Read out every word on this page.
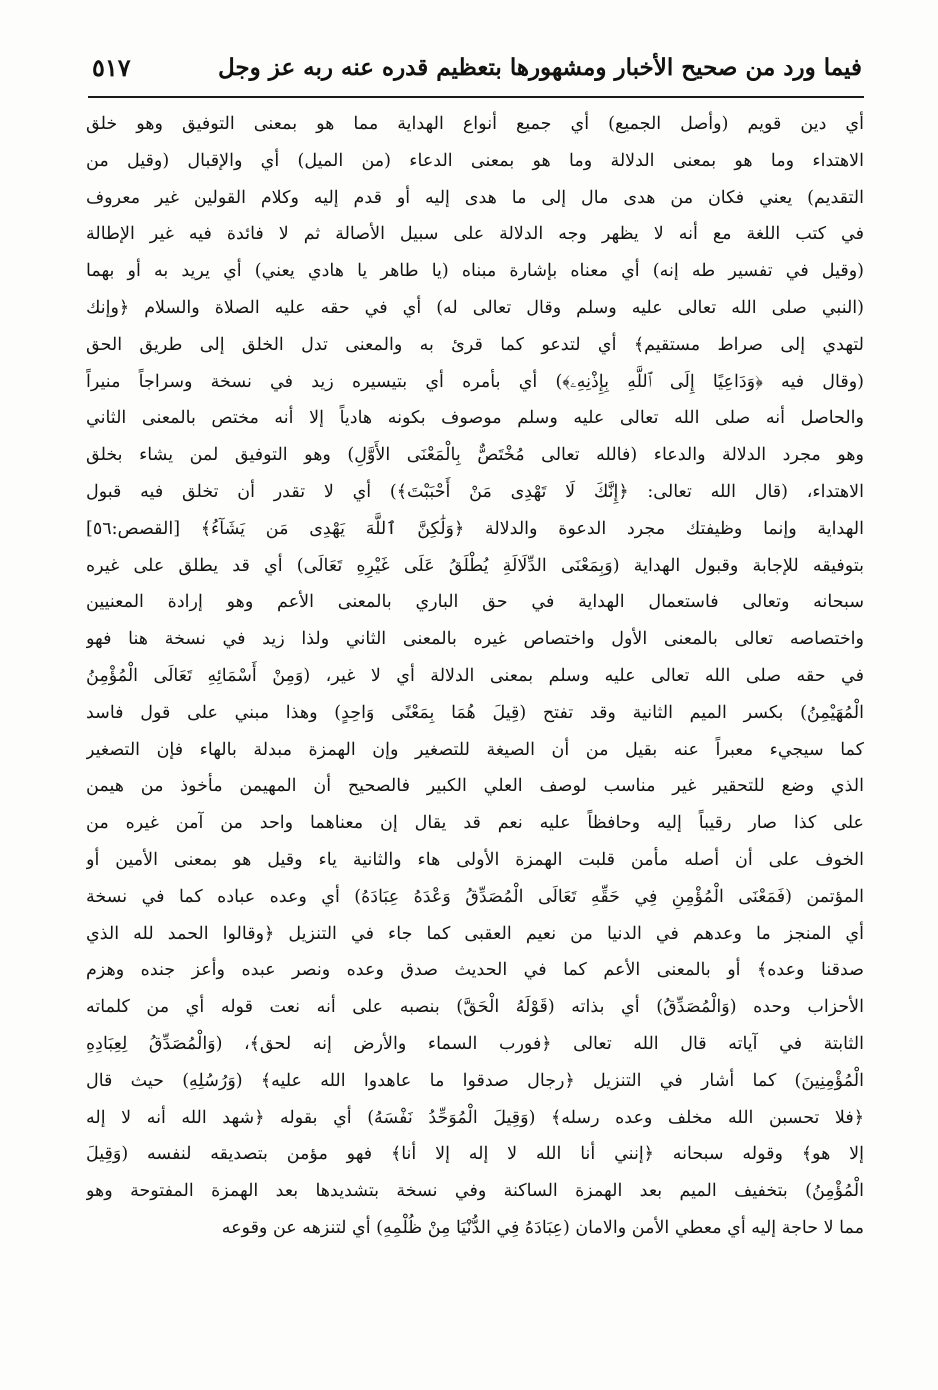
فيما ورد من صحيح الأخبار ومشهورها بتعظيم قدره عنه ربه عز وجل
٥١٧
أي دين قويم (وأصل الجميع) أي جميع أنواع الهداية مما هو بمعنى التوفيق وهو خلق
الاهتداء وما هو بمعنى الدلالة وما هو بمعنى الدعاء (من الميل) أي والإقبال (وقيل من
التقديم) يعني فكان من هدى مال إلى ما هدى إليه أو قدم إليه وكلام القولين غير معروف
في كتب اللغة مع أنه لا يظهر وجه الدلالة على سبيل الأصالة ثم لا فائدة فيه غير الإطالة
(وقيل في تفسير طه إنه) أي معناه بإشارة مبناه (يا طاهر يا هادي يعني) أي يريد به أو بهما
(النبي صلى الله تعالى عليه وسلم وقال تعالى له) أي في حقه عليه الصلاة والسلام ﴿وإنك
لتهدي إلى صراط مستقيم﴾ أي لتدعو كما قرئ به والمعنى تدل الخلق إلى طريق الحق
(وقال فيه ﴿وَدَاعِيًا إِلَى ٱللَّهِ بِإِذْنِهِۦ﴾) أي بأمره أي بتيسيره زيد في نسخة وسراجاً منيراً
والحاصل أنه صلى الله تعالى عليه وسلم موصوف بكونه هادياً إلا أنه مختص بالمعنى الثاني
وهو مجرد الدلالة والدعاء (فالله تعالى مُخْتَصٌّ بِالْمَعْنَى الأَوَّلِ) وهو التوفيق لمن يشاء بخلق
الاهتداء، (قال الله تعالى: ﴿إِنَّكَ لَا تَهْدِى مَنْ أَحْبَبْتَ﴾) أي لا تقدر أن تخلق فيه قبول
الهداية وإنما وظيفتك مجرد الدعوة والدلالة ﴿وَلَٰكِنَّ ٱللَّهَ يَهْدِى مَن يَشَآءُ﴾ [القصص:٥٦]
بتوفيقه للإجابة وقبول الهداية (وَبِمَعْنَى الدِّلَالَةِ يُطْلَقُ عَلَى غَيْرِهِ تَعَالَى) أي قد يطلق على غيره
سبحانه وتعالى فاستعمال الهداية في حق الباري بالمعنى الأعم وهو إرادة المعنيين
واختصاصه تعالى بالمعنى الأول واختصاص غيره بالمعنى الثاني ولذا زيد في نسخة هنا فهو
في حقه صلى الله تعالى عليه وسلم بمعنى الدلالة أي لا غير، (وَمِنْ أَسْمَائِهِ تَعَالَى الْمُؤْمِنُ
الْمُهَيْمِنُ) بكسر الميم الثانية وقد تفتح (قِيلَ هُمَا بِمَعْنًى وَاحِدٍ) وهذا مبني على قول فاسد
كما سيجيء معبراً عنه بقيل من أن الصيغة للتصغير وإن الهمزة مبدلة بالهاء فإن التصغير
الذي وضع للتحقير غير مناسب لوصف العلي الكبير فالصحيح أن المهيمن مأخوذ من هيمن
على كذا صار رقيباً إليه وحافظاً عليه نعم قد يقال إن معناهما واحد من آمن غيره من
الخوف على أن أصله مأمن قلبت الهمزة الأولى هاء والثانية ياء وقيل هو بمعنى الأمين أو
المؤتمن (فَمَعْنَى الْمُؤْمِنِ فِي حَقِّهِ تَعَالَى الْمُصَدِّقُ وَعْدَهُ عِبَادَهُ) أي وعده عباده كما في نسخة
أي المنجز ما وعدهم في الدنيا من نعيم العقبى كما جاء في التنزيل ﴿وقالوا الحمد لله الذي
صدقنا وعده﴾ أو بالمعنى الأعم كما في الحديث صدق وعده ونصر عبده وأعز جنده وهزم
الأحزاب وحده (وَالْمُصَدِّقُ) أي بذاته (قَوْلَهُ الْحَقَّ) بنصبه على أنه نعت قوله أي من كلماته
الثابتة في آياته قال الله تعالى ﴿فورب السماء والأرض إنه لحق﴾، (وَالْمُصَدِّقُ لِعِبَادِهِ
الْمُؤْمِنِينَ) كما أشار في التنزيل ﴿رجال صدقوا ما عاهدوا الله عليه﴾ (وَرُسُلِهِ) حيث قال
﴿فلا تحسبن الله مخلف وعده رسله﴾ (وَقِيلَ الْمُوَحِّدُ نَفْسَهُ) أي بقوله ﴿شهد الله أنه لا إله
إلا هو﴾ وقوله سبحانه ﴿إنني أنا الله لا إله إلا أنا﴾ فهو مؤمن بتصديقه لنفسه (وَقِيلَ
الْمُؤْمِنُ) بتخفيف الميم بعد الهمزة الساكنة وفي نسخة بتشديدها بعد الهمزة المفتوحة وهو
مما لا حاجة إليه أي معطي الأمن والامان (عِبَادَهُ فِي الدُّنْيَا مِنْ ظُلْمِهِ) أي لتنزهه عن وقوعه
